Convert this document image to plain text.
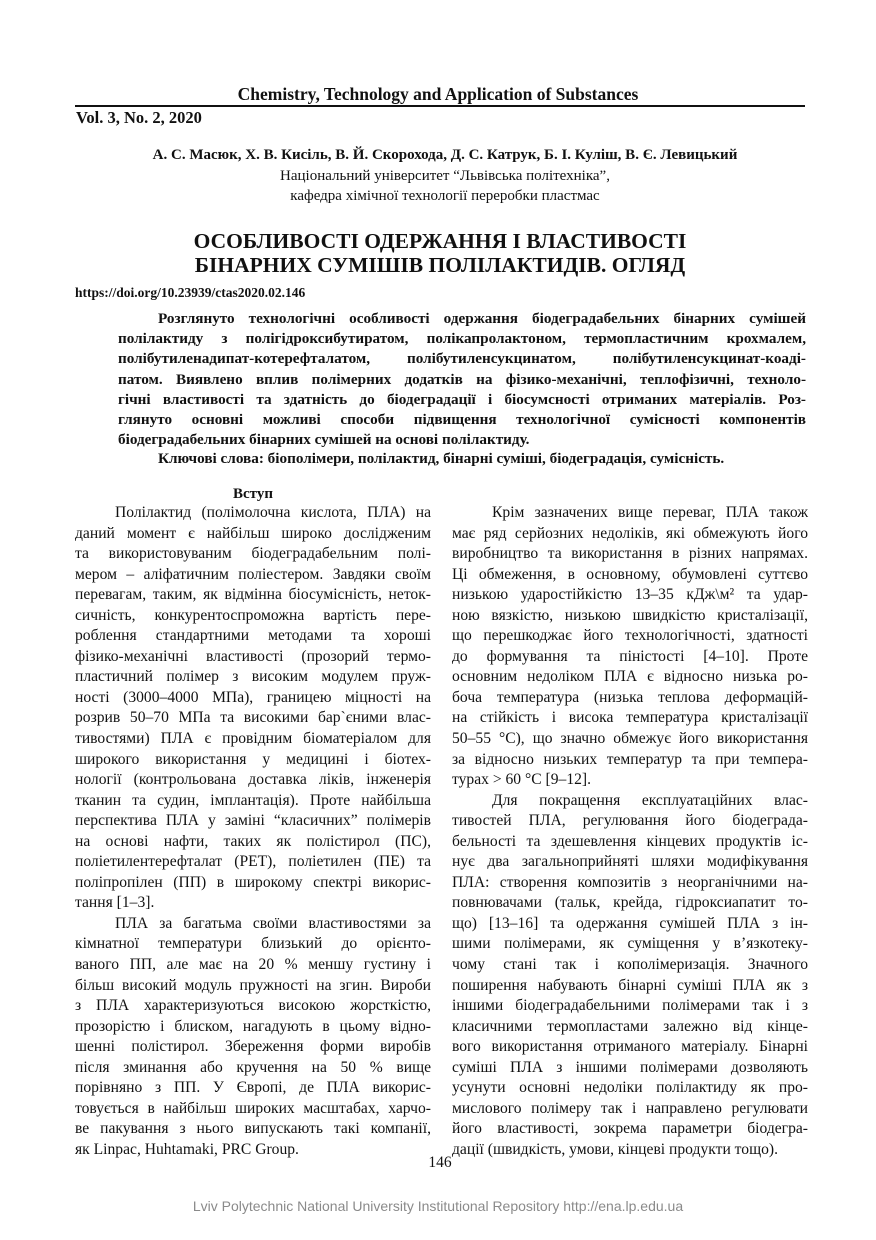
Chemistry, Technology and Application of Substances
Vol. 3, No. 2, 2020
А. С. Масюк, Х. В. Кисіль, В. Й. Скорохода, Д. С. Катрук, Б. І. Куліш, В. Є. Левицький
Національний університет “Львівська політехніка”,
кафедра хімічної технології переробки пластмас
ОСОБЛИВОСТІ ОДЕРЖАННЯ І ВЛАСТИВОСТІ
БІНАРНИХ СУМІШІВ ПОЛІЛАКТИДІВ. ОГЛЯД
https://doi.org/10.23939/ctas2020.02.146
Розглянуто технологічні особливості одержання біодеградабельних бінарних сумішей
полілактиду з полігідроксибутиратом, полікапролактоном, термопластичним крохмалем,
полібутиленадипат-котерефталатом, полібутиленсукцинатом, полібутиленсукцинат-коаді-
патом. Виявлено вплив полімерних додатків на фізико-механічні, теплофізичні, техноло-
гічні властивості та здатність до біодеградації і біосумсності отриманих матеріалів. Роз-
глянуто основні можливі способи підвищення технологічної сумісності компонентів
біодеградабельних бінарних сумішей на основі полілактиду.
Ключові слова: біополімери, полілактид, бінарні суміші, біодеградація, сумісність.
Вступ
Полілактид (полімолочна кислота, ПЛА) на
даний момент є найбільш широко дослідженим
та використовуваним біодеградабельним полі-
мером – аліфатичним поліестером. Завдяки своїм
перевагам, таким, як відмінна біосумісність, неток-
сичність, конкурентоспроможна вартість пере-
роблення стандартними методами та хороші
фізико-механічні властивості (прозорий термо-
пластичний полімер з високим модулем пруж-
ності (3000–4000 МПа), границею міцності на
розрив 50–70 МПа та високими бар`єними влас-
тивостями) ПЛА є провідним біоматеріалом для
широкого використання у медицині і біотех-
нології (контрольована доставка ліків, інженерія
тканин та судин, імплантація). Проте найбільша
перспектива ПЛА у заміні “класичних” полімерів
на основі нафти, таких як полістирол (ПС),
поліетилентерефталат (PET), поліетилен (ПЕ) та
поліпропілен (ПП) в широкому спектрі викорис-
тання [1–3].
ПЛА за багатьма своїми властивостями за
кімнатної температури близький до орієнто-
ваного ПП, але має на 20 % меншу густину і
більш високий модуль пружності на згин. Вироби
з ПЛА характеризуються високою жорсткістю,
прозорістю і блиском, нагадують в цьому відно-
шенні полістирол. Збереження форми виробів
після зминання або кручення на 50 % вище
порівняно з ПП. У Європі, де ПЛА викорис-
товується в найбільш широких масштабах, харчо-
ве пакування з нього випускають такі компанії,
як Linpac, Huhtamaki, PRC Group.
Крім зазначених вище переваг, ПЛА також
має ряд серйозних недоліків, які обмежують його
виробництво та використання в різних напрямах.
Ці обмеження, в основному, обумовлені суттєво
низькою ударостійкістю 13–35 кДж\м² та удар-
ною вязкістю, низькою швидкістю кристалізації,
що перешкоджає його технологічності, здатності
до формування та піністості [4–10]. Проте
основним недоліком ПЛА є відносно низька ро-
боча температура (низька теплова деформацій-
на стійкість і висока температура кристалізації
50–55 °С), що значно обмежує його використання
за відносно низьких температур та при темпера-
турах > 60 °С [9–12].
Для покращення експлуатаційних влас-
тивостей ПЛА, регулювання його біодеграда-
бельності та здешевлення кінцевих продуктів іс-
нує два загальноприйняті шляхи модифікування
ПЛА: створення композитів з неорганічними на-
повнювачами (тальк, крейда, гідроксиапатит то-
що) [13–16] та одержання сумішей ПЛА з ін-
шими полімерами, як суміщення у в’язкотеку-
чому стані так і кополімеризація. Значного
поширення набувають бінарні суміші ПЛА як з
іншими біодеградабельними полімерами так і з
класичними термопластами залежно від кінце-
вого використання отриманого матеріалу. Бінарні
суміші ПЛА з іншими полімерами дозволяють
усунути основні недоліки полілактиду як про-
мислового полімеру так і направлено регулювати
його властивості, зокрема параметри біодегра-
дації (швидкість, умови, кінцеві продукти тощо).
146
Lviv Polytechnic National University Institutional Repository http://ena.lp.edu.ua
